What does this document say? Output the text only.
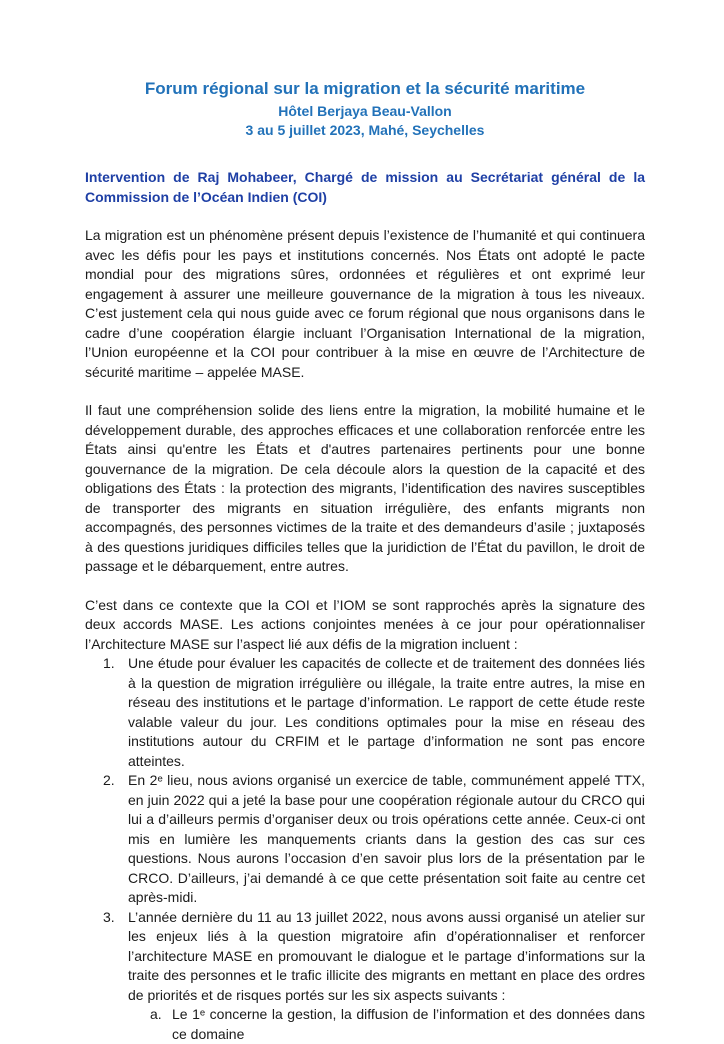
Forum régional sur la migration et la sécurité maritime

Hôtel Berjaya Beau-Vallon

3 au 5 juillet 2023, Mahé, Seychelles

Intervention de Raj Mohabeer, Chargé de mission au Secrétariat général de la Commission de l’Océan Indien (COI)

La migration est un phénomène présent depuis l’existence de l’humanité et qui continuera avec les défis pour les pays et institutions concernés. Nos États ont adopté le pacte mondial pour des migrations sûres, ordonnées et régulières et ont exprimé leur engagement à assurer une meilleure gouvernance de la migration à tous les niveaux. C’est justement cela qui nous guide avec ce forum régional que nous organisons dans le cadre d’une coopération élargie incluant l’Organisation International de la migration, l’Union européenne et la COI pour contribuer à la mise en œuvre de l’Architecture de sécurité maritime – appelée MASE.

Il faut une compréhension solide des liens entre la migration, la mobilité humaine et le développement durable, des approches efficaces et une collaboration renforcée entre les États ainsi qu'entre les États et d'autres partenaires pertinents pour une bonne gouvernance de la migration. De cela découle alors la question de la capacité et des obligations des États : la protection des migrants, l’identification des navires susceptibles de transporter des migrants en situation irrégulière, des enfants migrants non accompagnés, des personnes victimes de la traite et des demandeurs d’asile ; juxtaposés à des questions juridiques difficiles telles que la juridiction de l’État du pavillon, le droit de passage et le débarquement, entre autres.

C’est dans ce contexte que la COI et l’IOM se sont rapprochés après la signature des deux accords MASE. Les actions conjointes menées à ce jour pour opérationnaliser l’Architecture MASE sur l’aspect lié aux défis de la migration incluent :

1. Une étude pour évaluer les capacités de collecte et de traitement des données liés à la question de migration irrégulière ou illégale, la traite entre autres, la mise en réseau des institutions et le partage d’information. Le rapport de cette étude reste valable valeur du jour. Les conditions optimales pour la mise en réseau des institutions autour du CRFIM et le partage d’information ne sont pas encore atteintes.
2. En 2ᵉ lieu, nous avions organisé un exercice de table, communément appelé TTX, en juin 2022 qui a jeté la base pour une coopération régionale autour du CRCO qui lui a d’ailleurs permis d’organiser deux ou trois opérations cette année. Ceux-ci ont mis en lumière les manquements criants dans la gestion des cas sur ces questions. Nous aurons l’occasion d’en savoir plus lors de la présentation par le CRCO. D’ailleurs, j’ai demandé à ce que cette présentation soit faite au centre cet après-midi.
3. L’année dernière du 11 au 13 juillet 2022, nous avons aussi organisé un atelier sur les enjeux liés à la question migratoire afin d’opérationnaliser et renforcer l’architecture MASE en promouvant le dialogue et le partage d’informations sur la traite des personnes et le trafic illicite des migrants en mettant en place des ordres de priorités et de risques portés sur les six aspects suivants :
a. Le 1ᵉ concerne la gestion, la diffusion de l’information et des données dans ce domaine
